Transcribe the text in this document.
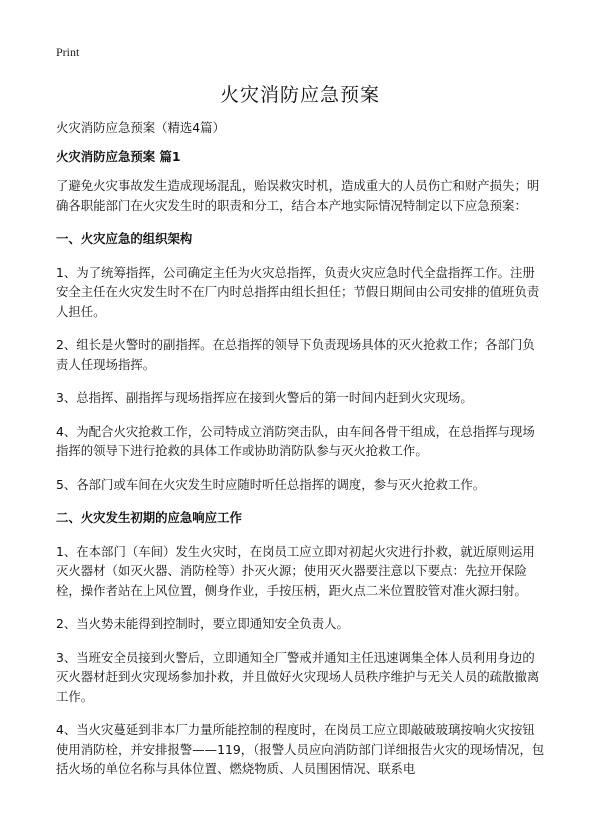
Print
火灾消防应急预案

火灾消防应急预案（精选4篇）

火灾消防应急预案 篇1

了避免火灾事故发生造成现场混乱，贻误救灾时机，造成重大的人员伤亡和财产损失；明确各职能部门在火灾发生时的职责和分工，结合本产地实际情况特制定以下应急预案：

一、火灾应急的组织架构

1、为了统筹指挥，公司确定主任为火灾总指挥，负责火灾应急时代全盘指挥工作。注册安全主任在火灾发生时不在厂内时总指挥由组长担任；节假日期间由公司安排的值班负责人担任。

2、组长是火警时的副指挥。在总指挥的领导下负责现场具体的灭火抢救工作；各部门负责人任现场指挥。

3、总指挥、副指挥与现场指挥应在接到火警后的第一时间内赶到火灾现场。

4、为配合火灾抢救工作，公司特成立消防突击队，由车间各骨干组成，在总指挥与现场指挥的领导下进行抢救的具体工作或协助消防队参与灭火抢救工作。

5、各部门或车间在火灾发生时应随时听任总指挥的调度，参与灭火抢救工作。

二、火灾发生初期的应急响应工作

1、在本部门（车间）发生火灾时，在岗员工应立即对初起火灾进行扑救，就近原则运用灭火器材（如灭火器、消防栓等）扑灭火源；使用灭火器要注意以下要点：先拉开保险栓，操作者站在上风位置，侧身作业，手按压柄，距火点二米位置胶管对准火源扫射。

2、当火势未能得到控制时，要立即通知安全负责人。

3、当班安全员接到火警后，立即通知全厂警戒并通知主任迅速调集全体人员利用身边的灭火器材赶到火灾现场参加扑救，并且做好火灾现场人员秩序维护与无关人员的疏散撤离工作。

4、当火灾蔓延到非本厂力量所能控制的程度时，在岗员工应立即敲破玻璃按响火灾按钮使用消防栓，并安排报警——119，（报警人员应向消防部门详细报告火灾的现场情况，包括火场的单位名称与具体位置、燃烧物质、人员围困情况、联系电
